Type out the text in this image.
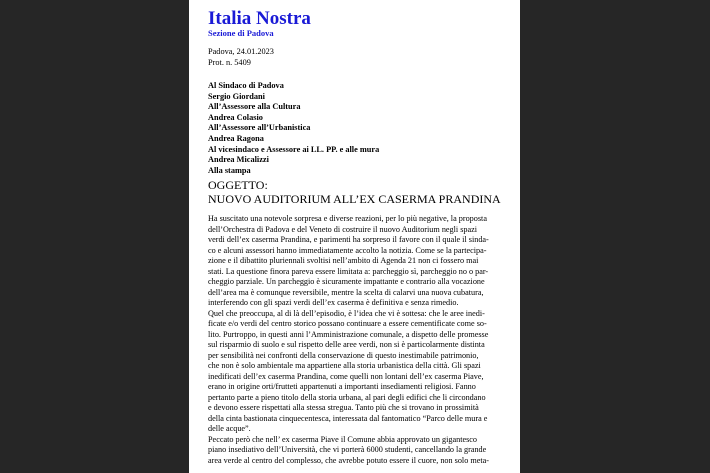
Italia Nostra
Sezione di Padova
Padova, 24.01.2023
Prot. n. 5409
Al Sindaco di Padova
Sergio Giordani
All’Assessore alla Cultura
Andrea Colasio
All’Assessore all’Urbanistica
Andrea Ragona
Al vicesindaco e Assessore ai LL. PP. e alle mura
Andrea Micalizzi
Alla stampa
OGGETTO:
NUOVO AUDITORIUM ALL’EX CASERMA PRANDINA
Ha suscitato una notevole sorpresa e diverse reazioni, per lo più negative, la proposta
dell’Orchestra di Padova e del Veneto di costruire il nuovo Auditorium negli spazi
verdi dell’ex caserma Prandina, e parimenti ha sorpreso il favore con il quale il sinda-
co e alcuni assessori hanno immediatamente accolto la notizia. Come se la partecipa-
zione e il dibattito pluriennali svoltisi nell’ambito di Agenda 21 non ci fossero mai
stati. La questione finora pareva essere limitata a: parcheggio sì, parcheggio no o par-
cheggio parziale. Un parcheggio è sicuramente impattante e contrario alla vocazione
dell’area ma è comunque reversibile, mentre la scelta di calarvi una nuova cubatura,
interferendo con gli spazi verdi dell’ex caserma è definitiva e senza rimedio.
Quel che preoccupa, al di là dell’episodio, è l’idea che vi è sottesa: che le aree inedi-
ficate e/o verdi del centro storico possano continuare a essere cementificate come so-
lito. Purtroppo, in questi anni l’Amministrazione comunale, a dispetto delle promesse
sul risparmio di suolo e sul rispetto delle aree verdi, non si è particolarmente distinta
per sensibilità nei confronti della conservazione di questo inestimabile patrimonio,
che non è solo ambientale ma appartiene alla storia urbanistica della città. Gli spazi
inedificati dell’ex caserma Prandina, come quelli non lontani dell’ex caserma Piave,
erano in origine orti/frutteti appartenuti a importanti insediamenti religiosi. Fanno
pertanto parte a pieno titolo della storia urbana, al pari degli edifici che li circondano
e devono essere rispettati alla stessa stregua. Tanto più che si trovano in prossimità
della cinta bastionata cinquecentesca, interessata dal fantomatico “Parco delle mura e
delle acque”.
Peccato però che nell’ ex caserma Piave il Comune abbia approvato un gigantesco
piano insediativo dell’Università, che vi porterà 6000 studenti, cancellando la grande
area verde al centro del complesso, che avrebbe potuto essere il cuore, non solo meta-
